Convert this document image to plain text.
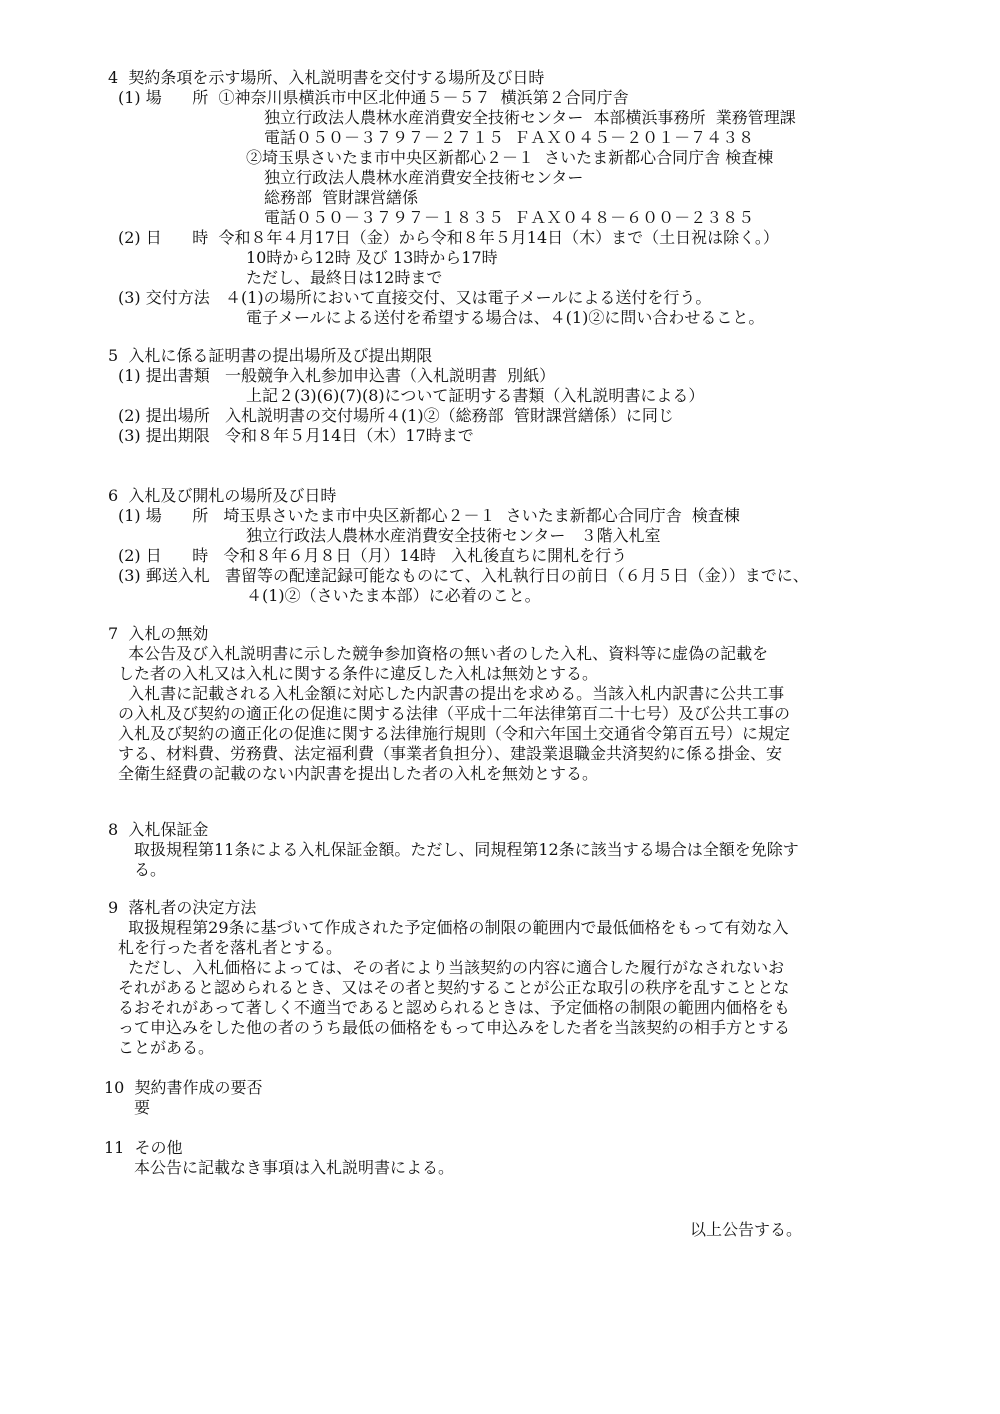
4  契約条項を示す場所、入札説明書を交付する場所及び日時
(1) 場      所  ①神奈川県横浜市中区北仲通５－５７  横浜第２合同庁舎
独立行政法人農林水産消費安全技術センター  本部横浜事務所  業務管理課
電話０５０－３７９７－２７１５  ＦＡＸ０４５－２０１－７４３８
②埼玉県さいたま市中央区新都心２－１  さいたま新都心合同庁舎 検査棟
独立行政法人農林水産消費安全技術センター
総務部  管財課営繕係
電話０５０－３７９７－１８３５  ＦＡＸ０４８－６００－２３８５
(2) 日      時  令和８年４月17日（金）から令和８年５月14日（木）まで（土日祝は除く。）
10時から12時 及び 13時から17時
ただし、最終日は12時まで
(3) 交付方法   ４(1)の場所において直接交付、又は電子メールによる送付を行う。
電子メールによる送付を希望する場合は、４(1)②に問い合わせること。
5  入札に係る証明書の提出場所及び提出期限
(1) 提出書類   一般競争入札参加申込書（入札説明書  別紙）
上記２(3)(6)(7)(8)について証明する書類（入札説明書による）
(2) 提出場所   入札説明書の交付場所４(1)②（総務部  管財課営繕係）に同じ
(3) 提出期限   令和８年５月14日（木）17時まで
6  入札及び開札の場所及び日時
(1) 場      所   埼玉県さいたま市中央区新都心２－１  さいたま新都心合同庁舎  検査棟
独立行政法人農林水産消費安全技術センター   ３階入札室
(2) 日      時   令和８年６月８日（月）14時   入札後直ちに開札を行う
(3) 郵送入札   書留等の配達記録可能なものにて、入札執行日の前日（６月５日（金））までに、
４(1)②（さいたま本部）に必着のこと。
7  入札の無効
本公告及び入札説明書に示した競争参加資格の無い者のした入札、資料等に虚偽の記載を
した者の入札又は入札に関する条件に違反した入札は無効とする。
入札書に記載される入札金額に対応した内訳書の提出を求める。当該入札内訳書に公共工事
の入札及び契約の適正化の促進に関する法律（平成十二年法律第百二十七号）及び公共工事の
入札及び契約の適正化の促進に関する法律施行規則（令和六年国土交通省令第百五号）に規定
する、材料費、労務費、法定福利費（事業者負担分）、建設業退職金共済契約に係る掛金、安
全衛生経費の記載のない内訳書を提出した者の入札を無効とする。
8  入札保証金
取扱規程第11条による入札保証金額。ただし、同規程第12条に該当する場合は全額を免除す
る。
9  落札者の決定方法
取扱規程第29条に基づいて作成された予定価格の制限の範囲内で最低価格をもって有効な入
札を行った者を落札者とする。
ただし、入札価格によっては、その者により当該契約の内容に適合した履行がなされないお
それがあると認められるとき、又はその者と契約することが公正な取引の秩序を乱すこととな
るおそれがあって著しく不適当であると認められるときは、予定価格の制限の範囲内価格をも
って申込みをした他の者のうち最低の価格をもって申込みをした者を当該契約の相手方とする
ことがある。
10  契約書作成の要否
要
11  その他
本公告に記載なき事項は入札説明書による。
以上公告する。
